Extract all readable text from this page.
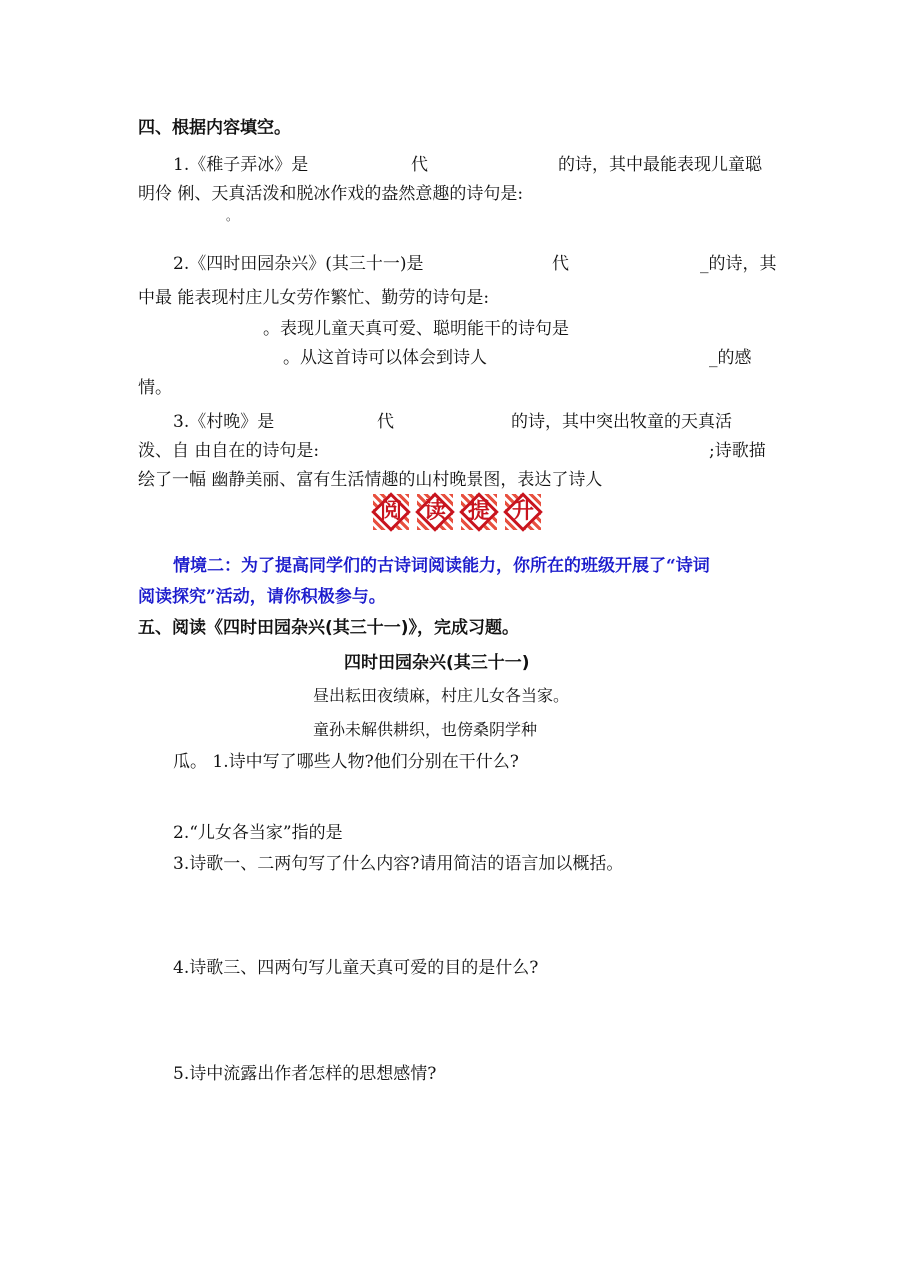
四、根据内容填空。
1.《稚子弄冰》是	代	的诗，其中最能表现儿童聪
明伶 俐、天真活泼和脱冰作戏的盎然意趣的诗句是:
。
2.《四时田园杂兴》(其三十一)是	代	_的诗，其
中最 能表现村庄儿女劳作繁忙、勤劳的诗句是:
。表现儿童天真可爱、聪明能干的诗句是
。从这首诗可以体会到诗人	_的感
情。
3.《村晚》是	代	的诗，其中突出牧童的天真活
泼、自 由自在的诗句是:	;诗歌描
绘了一幅 幽静美丽、富有生活情趣的山村晚景图，表达了诗人
阅 读 提 升
情境二：为了提高同学们的古诗词阅读能力，你所在的班级开展了“诗词
阅读探究”活动，请你积极参与。
五、阅读《四时田园杂兴(其三十一)》，完成习题。
四时田园杂兴(其三十一)
昼出耘田夜绩麻，村庄儿女各当家。
童孙未解供耕织，也傍桑阴学种
瓜。 1.诗中写了哪些人物?他们分别在干什么?
2.“儿女各当家”指的是
3.诗歌一、二两句写了什么内容?请用简洁的语言加以概括。
4.诗歌三、四两句写儿童天真可爱的目的是什么?
5.诗中流露出作者怎样的思想感情?
